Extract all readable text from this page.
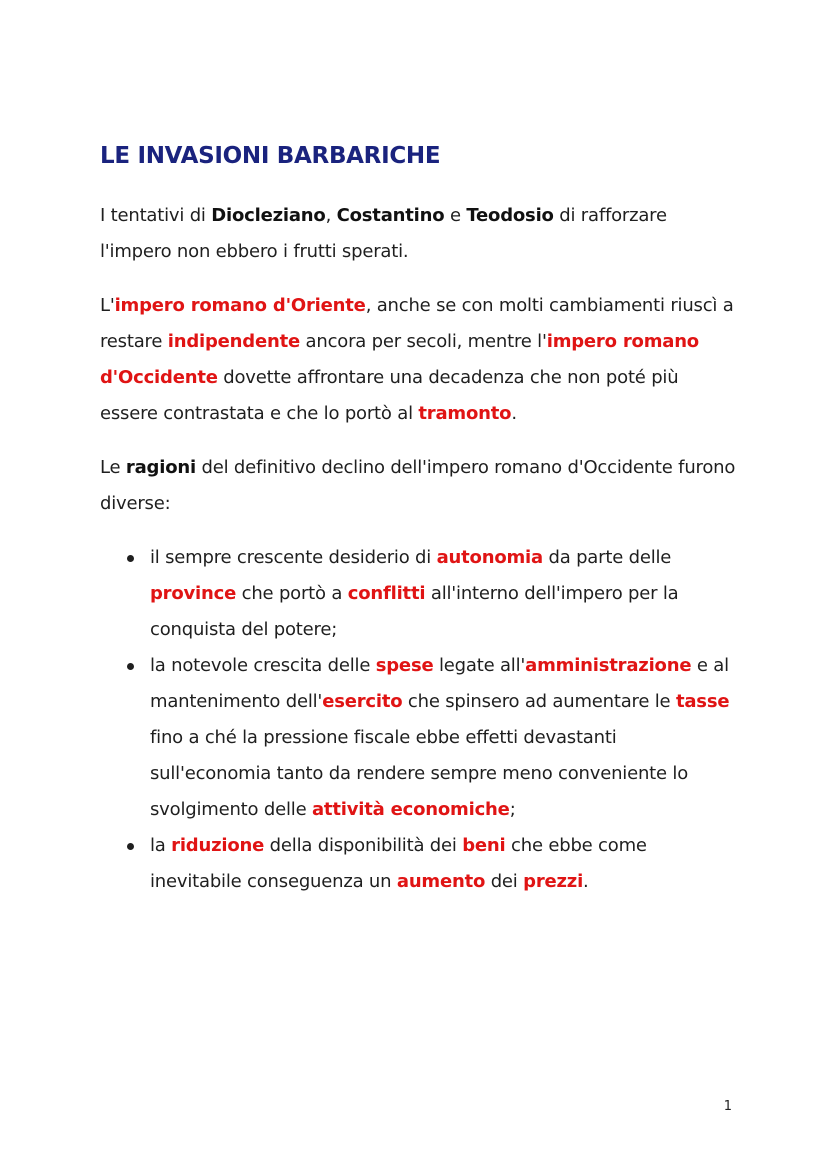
LE INVASIONI BARBARICHE

I tentativi di Diocleziano, Costantino e Teodosio di rafforzare l'impero non ebbero i frutti sperati.

L'impero romano d'Oriente, anche se con molti cambiamenti riuscì a restare indipendente ancora per secoli, mentre l'impero romano d'Occidente dovette affrontare una decadenza che non poté più essere contrastata e che lo portò al tramonto.

Le ragioni del definitivo declino dell'impero romano d'Occidente furono diverse:

il sempre crescente desiderio di autonomia da parte delle province che portò a conflitti all'interno dell'impero per la conquista del potere;
la notevole crescita delle spese legate all'amministrazione e al mantenimento dell'esercito che spinsero ad aumentare le tasse fino a ché la pressione fiscale ebbe effetti devastanti sull'economia tanto da rendere sempre meno conveniente lo svolgimento delle attività economiche;
la riduzione della disponibilità dei beni che ebbe come inevitabile conseguenza un aumento dei prezzi.
1
